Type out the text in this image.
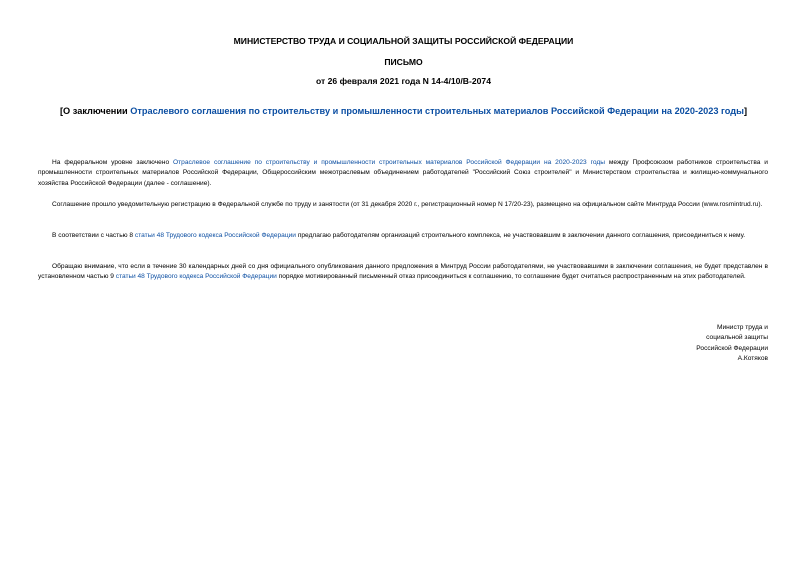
МИНИСТЕРСТВО ТРУДА И СОЦИАЛЬНОЙ ЗАЩИТЫ РОССИЙСКОЙ ФЕДЕРАЦИИ
ПИСЬМО
от 26 февраля 2021 года N 14-4/10/В-2074
[О заключении Отраслевого соглашения по строительству и промышленности строительных материалов Российской Федерации на 2020-2023 годы]
На федеральном уровне заключено Отраслевое соглашение по строительству и промышленности строительных материалов Российской Федерации на 2020-2023 годы между Профсоюзом работников строительства и промышленности строительных материалов Российской Федерации, Общероссийским межотраслевым объединением работодателей "Российский Союз строителей" и Министерством строительства и жилищно-коммунального хозяйства Российской Федерации (далее - соглашение).
Соглашение прошло уведомительную регистрацию в Федеральной службе по труду и занятости (от 31 декабря 2020 г., регистрационный номер N 17/20-23), размещено на официальном сайте Минтруда России (www.rosmintrud.ru).
В соответствии с частью 8 статьи 48 Трудового кодекса Российской Федерации предлагаю работодателям организаций строительного комплекса, не участвовавшим в заключении данного соглашения, присоединиться к нему.
Обращаю внимание, что если в течение 30 календарных дней со дня официального опубликования данного предложения в Минтруд России работодателями, не участвовавшими в заключении соглашения, не будет представлен в установленном частью 9 статьи 48 Трудового кодекса Российской Федерации порядке мотивированный письменный отказ присоединиться к соглашению, то соглашение будет считаться распространенным на этих работодателей.
Министр труда и
социальной защиты
Российской Федерации
А.Котяков
